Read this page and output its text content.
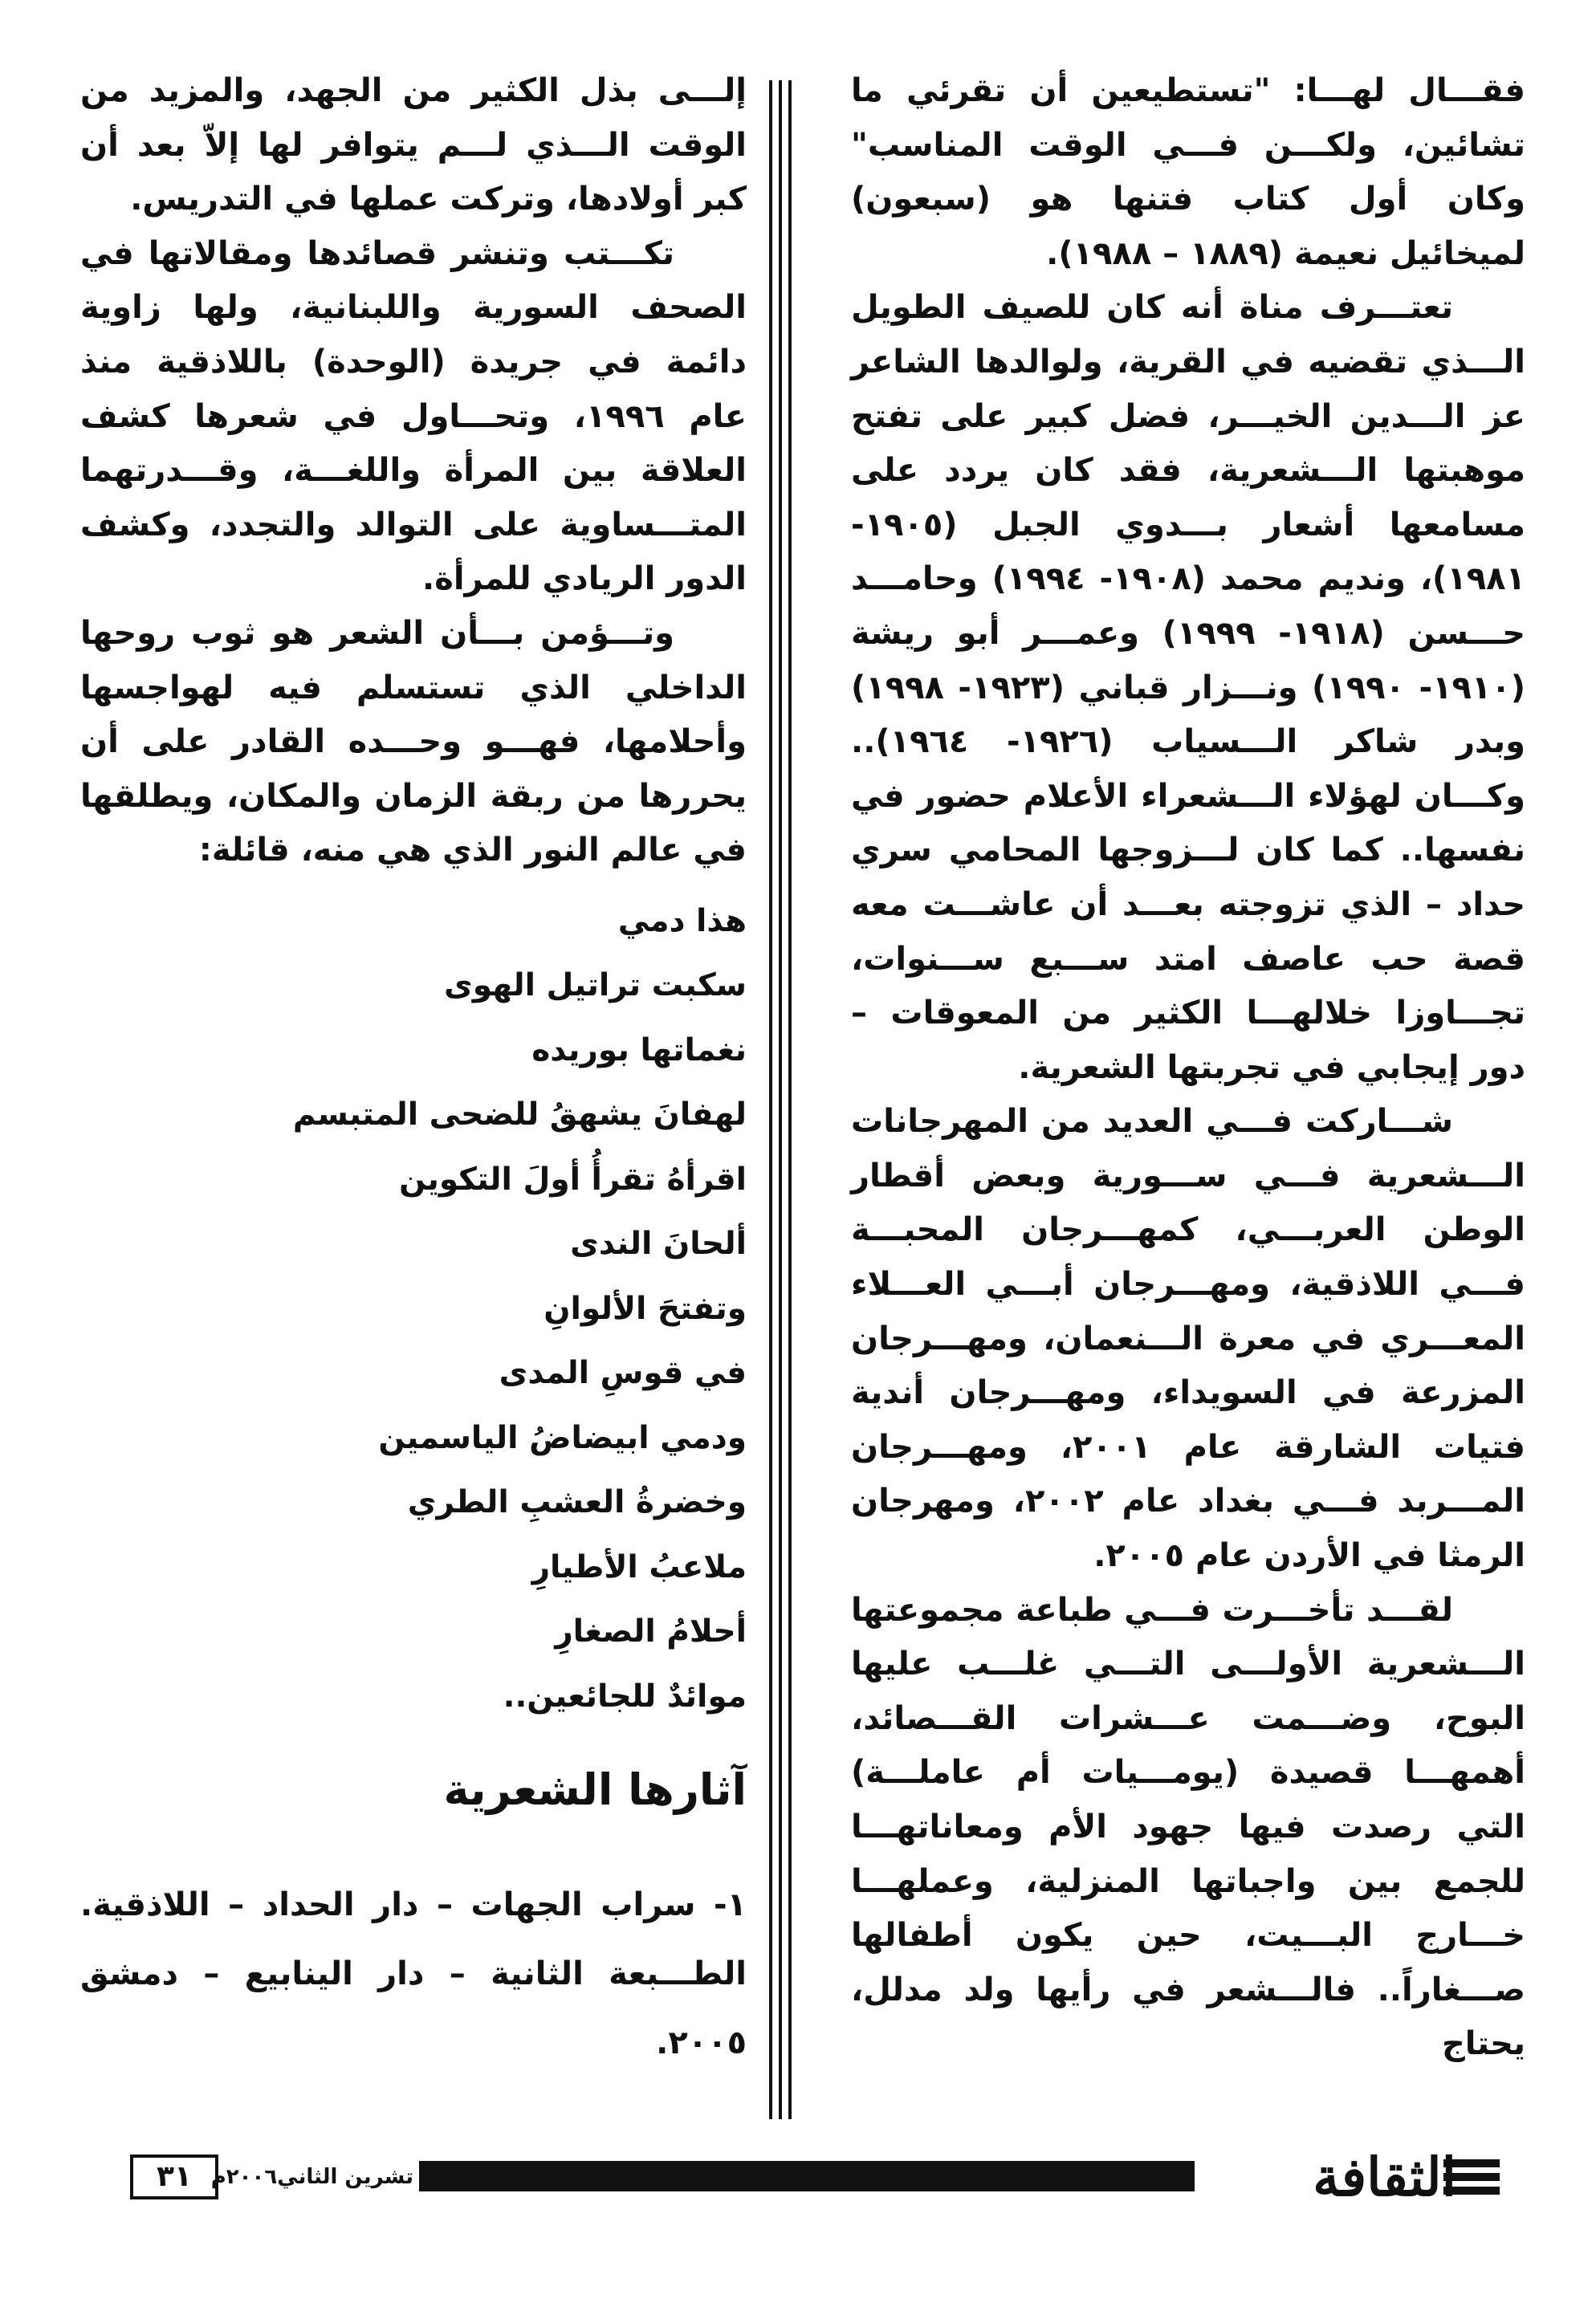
فقـــال لهـــا: "تستطيعين أن تقرئي ما تشائين، ولكـــن فـــي الوقت المناسب" وكان أول كتاب فتنها هو (سبعون) لميخائيل نعيمة (١٨٨٩ – ١٩٨٨).

تعتـــرف مناة أنه كان للصيف الطويل الـــذي تقضيه في القرية، ولوالدها الشاعر عز الـــدين الخيـــر، فضل كبير على تفتح موهبتها الـــشعرية، فقد كان يردد على مسامعها أشعار بـــدوي الجبل (١٩٠٥- ١٩٨١)، ونديم محمد (١٩٠٨- ١٩٩٤) وحامـــد حـــسن (١٩١٨- ١٩٩٩) وعمـــر أبو ريشة (١٩١٠- ١٩٩٠) ونـــزار قباني (١٩٢٣- ١٩٩٨) وبدر شاكر الـــسياب (١٩٢٦- ١٩٦٤).. وكـــان لهؤلاء الـــشعراء الأعلام حضور في نفسها.. كما كان لـــزوجها المحامي سري حداد – الذي تزوجته بعـــد أن عاشـــت معه قصة حب عاصف امتد ســـبع ســـنوات، تجـــاوزا خلالهـــا الكثير من المعوقات – دور إيجابي في تجربتها الشعرية.

شـــاركت فـــي العديد من المهرجانات الـــشعرية فـــي ســـورية وبعض أقطار الوطن العربـــي، كمهـــرجان المحبـــة فـــي اللاذقية، ومهـــرجان أبـــي العـــلاء المعـــري في معرة الـــنعمان، ومهـــرجان المزرعة في السويداء، ومهـــرجان أندية فتيات الشارقة عام ٢٠٠١، ومهـــرجان المـــربد فـــي بغداد عام ٢٠٠٢، ومهرجان الرمثا في الأردن عام ٢٠٠٥.

لقـــد تأخـــرت فـــي طباعة مجموعتها الـــشعرية الأولـــى التـــي غلـــب عليها البوح، وضـــمت عـــشرات القـــصائد، أهمهـــا قصيدة (يومـــيات أم عاملـــة) التي رصدت فيها جهود الأم ومعاناتهـــا للجمع بين واجباتها المنزلية، وعملهـــا خـــارج البـــيت، حين يكون أطفالها صـــغاراً.. فالـــشعر في رأيها ولد مدلل، يحتاج

إلـــى بذل الكثير من الجهد، والمزيد من الوقت الـــذي لـــم يتوافر لها إلاّ بعد أن كبر أولادها، وتركت عملها في التدريس.

تكـــتب وتنشر قصائدها ومقالاتها في الصحف السورية واللبنانية، ولها زاوية دائمة في جريدة (الوحدة) باللاذقية منذ عام ١٩٩٦، وتحـــاول في شعرها كشف العلاقة بين المرأة واللغـــة، وقـــدرتهما المتـــساوية على التوالد والتجدد، وكشف الدور الريادي للمرأة.

وتـــؤمن بـــأن الشعر هو ثوب روحها الداخلي الذي تستسلم فيه لهواجسها وأحلامها، فهـــو وحـــده القادر على أن يحررها من ربقة الزمان والمكان، ويطلقها في عالم النور الذي هي منه، قائلة:

هذا دمي
سكبت تراتيل الهوى
نغماتها بوريده
لهفانَ يشهقُ للضحى المتبسم
اقرأهُ تقرأُ أولَ التكوين
ألحانَ الندى
وتفتحَ الألوانِ
في قوسِ المدى
ودمي ابيضاضُ الياسمين
وخضرةُ العشبِ الطري
ملاعبُ الأطيارِ
أحلامُ الصغارِ
موائدٌ للجائعين..
آثارها الشعرية
١- سراب الجهات – دار الحداد – اللاذقية. الطـــبعة الثانية – دار الينابيع – دمشق ٢٠٠٥.
الثقافة
تشرين الثاني٢٠٠٦م
٣١
